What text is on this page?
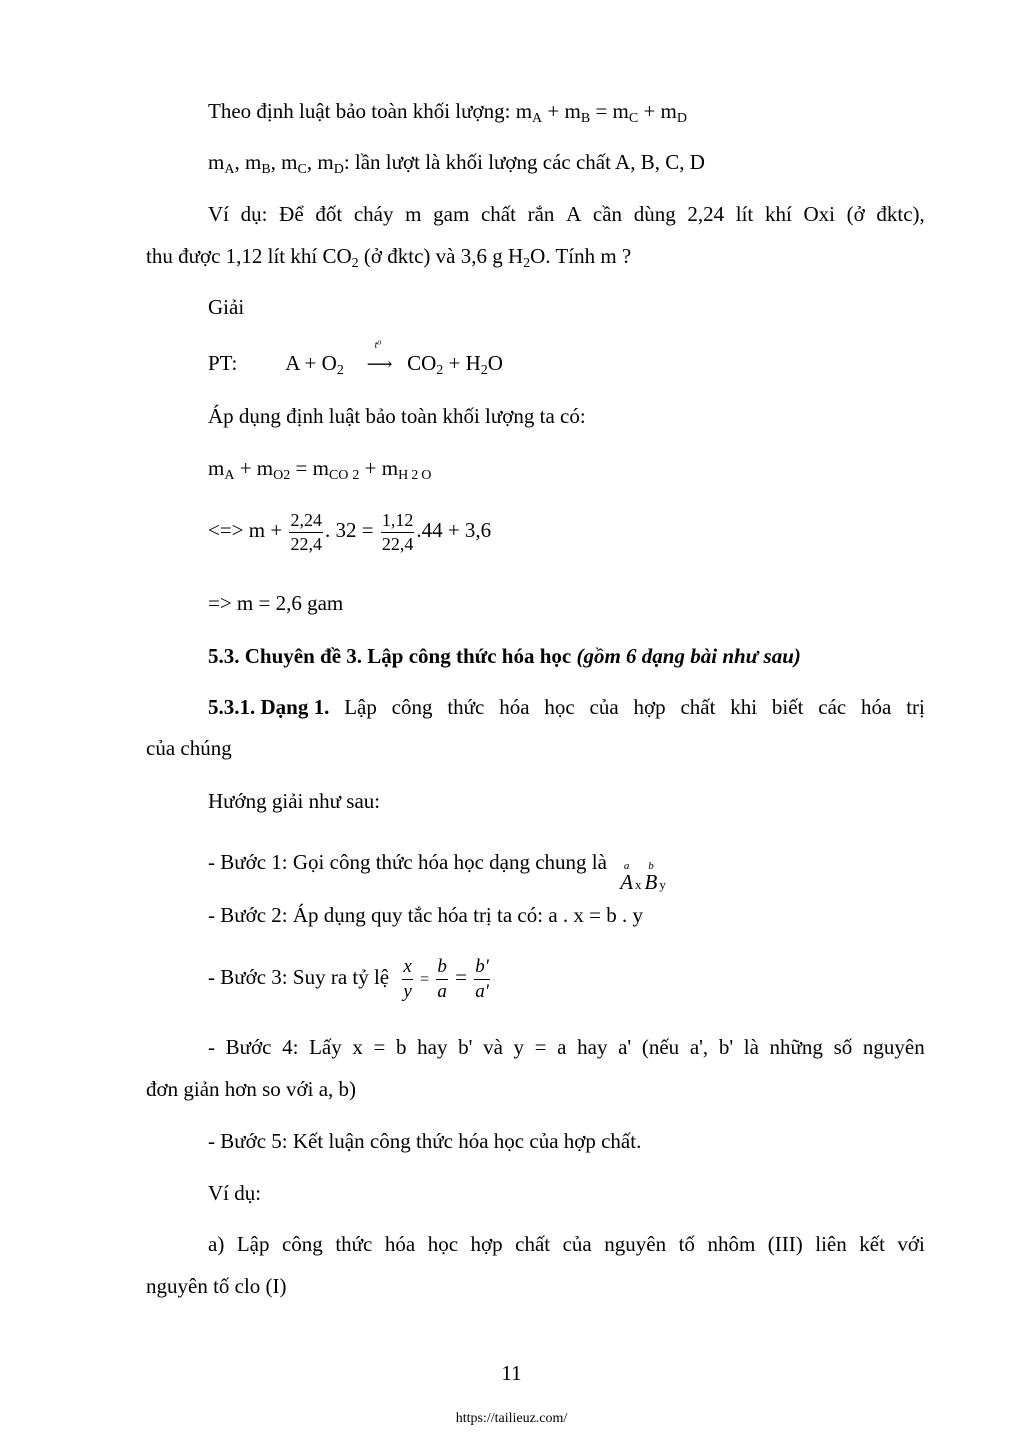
Theo định luật bảo toàn khối lượng: $m_A + m_B = m_C + m_D$
$m_A$, $m_B$, $m_C$, $m_D$: lần lượt là khối lượng các chất A, B, C, D
Ví dụ: Để đốt cháy m gam chất rắn A cần dùng 2,24 lít khí Oxi (ở đktc),
thu được 1,12 lít khí $CO_2$ (ở đktc) và 3,6 g $H_2O$. Tính m ?
Giải
PT: $A + O_2$
t⁰
⟶ $CO_2 + H_2O$
Áp dụng định luật bảo toàn khối lượng ta có:
$m_A + m_{O2} = m_{CO}$ $_2 + m_H$ $_2$ $_O$
<=> $m + \frac{2,24}{22,4}$ . $32 = \frac{1,12}{22,4} .44 + 3,6$
=> m = 2,6 gam
5.3. Chuyên đề 3. Lập công thức hóa học (gồm 6 dạng bài như sau)
5.3.1. Dạng 1. Lập công thức hóa học của hợp chất khi biết các hóa trị
của chúng
Hướng giải như sau:
- Bước 1: Gọi công thức hóa học dạng chung là a
A x
b
B y
- Bước 2: Áp dụng quy tắc hóa trị ta có: a . x = b . y
- Bước 3: Suy ra tỷ lệ $\frac{x}{y} = \frac{b}{a} = \frac{b'}{a'}$
- Bước 4: Lấy x = b hay b' và y = a hay a' (nếu a', b' là những số nguyên
đơn giản hơn so với a, b)
- Bước 5: Kết luận công thức hóa học của hợp chất.
Ví dụ:
a) Lập công thức hóa học hợp chất của nguyên tố nhôm (III) liên kết với
nguyên tố clo (I)
11
https://tailieuz.com/
